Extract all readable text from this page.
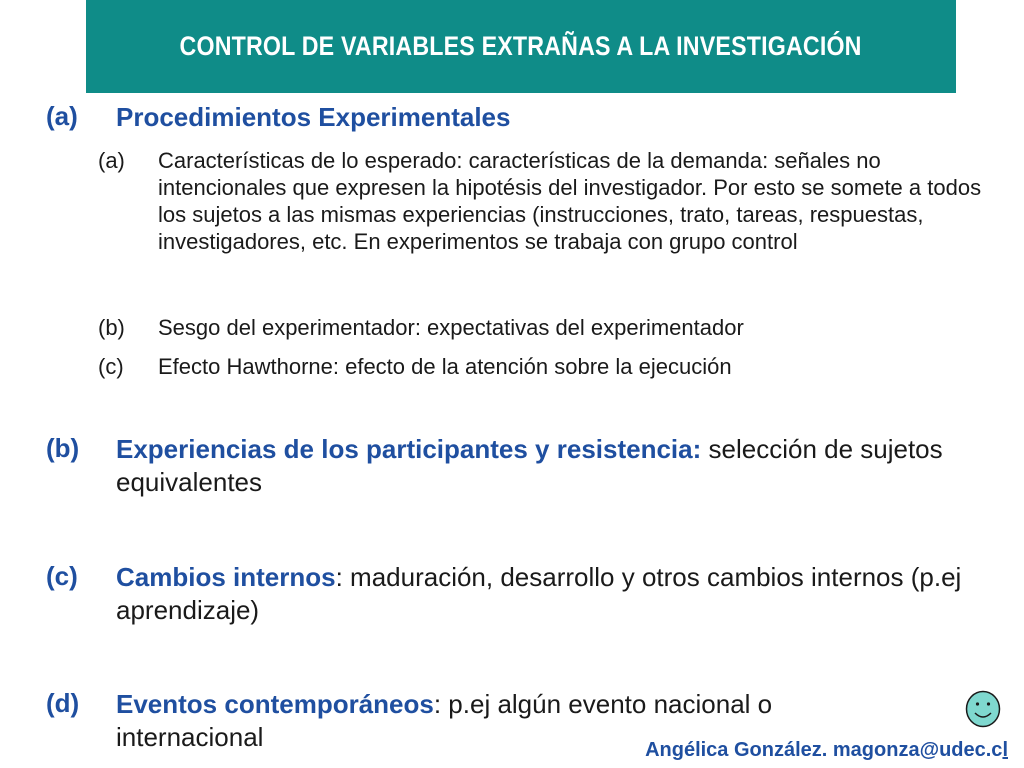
CONTROL DE VARIABLES EXTRAÑAS A LA INVESTIGACIÓN
(a) Procedimientos Experimentales
(a) Características de lo esperado: características de la demanda: señales no intencionales que expresen la hipotésis del investigador. Por esto se somete a todos los sujetos a las mismas experiencias (instrucciones, trato, tareas, respuestas, investigadores, etc. En experimentos se trabaja con grupo control
(b) Sesgo del experimentador: expectativas del experimentador
(c) Efecto Hawthorne: efecto de la atención sobre la ejecución
(b) Experiencias de los participantes y resistencia: selección de sujetos equivalentes
(c) Cambios internos: maduración, desarrollo y otros cambios internos (p.ej aprendizaje)
(d) Eventos contemporáneos: p.ej algún evento nacional o internacional	Angélica González. magonza@udec.cl
